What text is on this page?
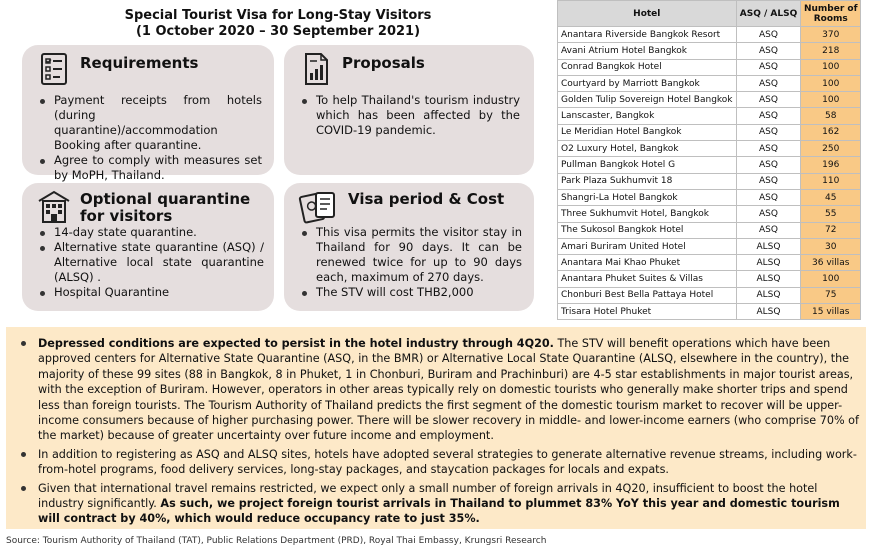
Special Tourist Visa for Long-Stay Visitors
(1 October 2020 – 30 September 2021)
Requirements
Payment receipts from hotels (during quarantine)/accommodation Booking after quarantine.
Agree to comply with measures set by MoPH, Thailand.
Proposals
To help Thailand's tourism industry which has been affected by the COVID-19 pandemic.
Optional quarantine
for visitors
14-day state quarantine.
Alternative state quarantine (ASQ) / Alternative local state quarantine (ALSQ) .
Hospital Quarantine
Visa period & Cost
This visa permits the visitor stay in Thailand for 90 days. It can be renewed twice for up to 90 days each, maximum of 270 days.
The STV will cost THB2,000
Hotel	ASQ / ALSQ	Number of
Rooms

Anantara Riverside Bangkok Resort	ASQ	370
Avani Atrium Hotel Bangkok	ASQ	218
Conrad Bangkok Hotel	ASQ	100
Courtyard by Marriott Bangkok	ASQ	100
Golden Tulip Sovereign Hotel Bangkok	ASQ	100
Lanscaster, Bangkok	ASQ	58
Le Meridian Hotel Bangkok	ASQ	162
O2 Luxury Hotel, Bangkok	ASQ	250
Pullman Bangkok Hotel G	ASQ	196
Park Plaza Sukhumvit 18	ASQ	110
Shangri-La Hotel Bangkok	ASQ	45
Three Sukhumvit Hotel, Bangkok	ASQ	55
The Sukosol Bangkok Hotel	ASQ	72
Amari Buriram United Hotel	ALSQ	30
Anantara Mai Khao Phuket	ALSQ	36 villas
Anantara Phuket Suites & Villas	ALSQ	100
Chonburi Best Bella Pattaya Hotel	ALSQ	75
Trisara Hotel Phuket	ALSQ	15 villas
Depressed conditions are expected to persist in the hotel industry through 4Q20. The STV will benefit operations which have been approved centers for Alternative State Quarantine (ASQ, in the BMR) or Alternative Local State Quarantine (ALSQ, elsewhere in the country), the majority of these 99 sites (88 in Bangkok, 8 in Phuket, 1 in Chonburi, Buriram and Prachinburi) are 4-5 star establishments in major tourist areas, with the exception of Buriram. However, operators in other areas typically rely on domestic tourists who generally make shorter trips and spend less than foreign tourists. The Tourism Authority of Thailand predicts the first segment of the domestic tourism market to recover will be upper-income consumers because of higher purchasing power. There will be slower recovery in middle- and lower-income earners (who comprise 70% of the market) because of greater uncertainty over future income and employment.
In addition to registering as ASQ and ALSQ sites, hotels have adopted several strategies to generate alternative revenue streams, including work-from-hotel programs, food delivery services, long-stay packages, and staycation packages for locals and expats.
Given that international travel remains restricted, we expect only a small number of foreign arrivals in 4Q20, insufficient to boost the hotel industry significantly. As such, we project foreign tourist arrivals in Thailand to plummet 83% YoY this year and domestic tourism will contract by 40%, which would reduce occupancy rate to just 35%.
Source: Tourism Authority of Thailand (TAT), Public Relations Department (PRD), Royal Thai Embassy, Krungsri Research
